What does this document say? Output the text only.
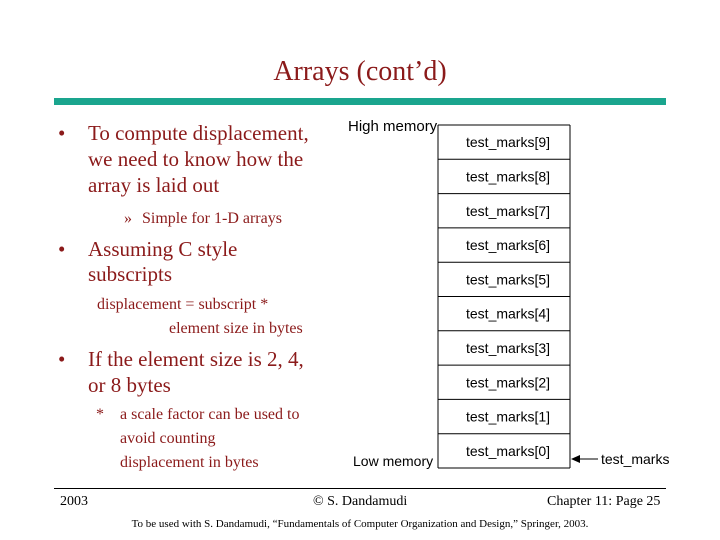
Arrays (cont’d)
• To compute displacement,
we need to know how the
array is laid out
» Simple for 1-D arrays
• Assuming C style
subscripts
displacement = subscript *
element size in bytes
• If the element size is 2, 4,
or 8 bytes
* a scale factor can be used to
avoid counting
displacement in bytes
High memory
Low memory
test_marks[9]
test_marks[8]
test_marks[7]
test_marks[6]
test_marks[5]
test_marks[4]
test_marks[3]
test_marks[2]
test_marks[1]
test_marks[0]
test_marks
2003	© S. Dandamudi	Chapter 11: Page 25
To be used with S. Dandamudi, “Fundamentals of Computer Organization and Design,” Springer, 2003.
